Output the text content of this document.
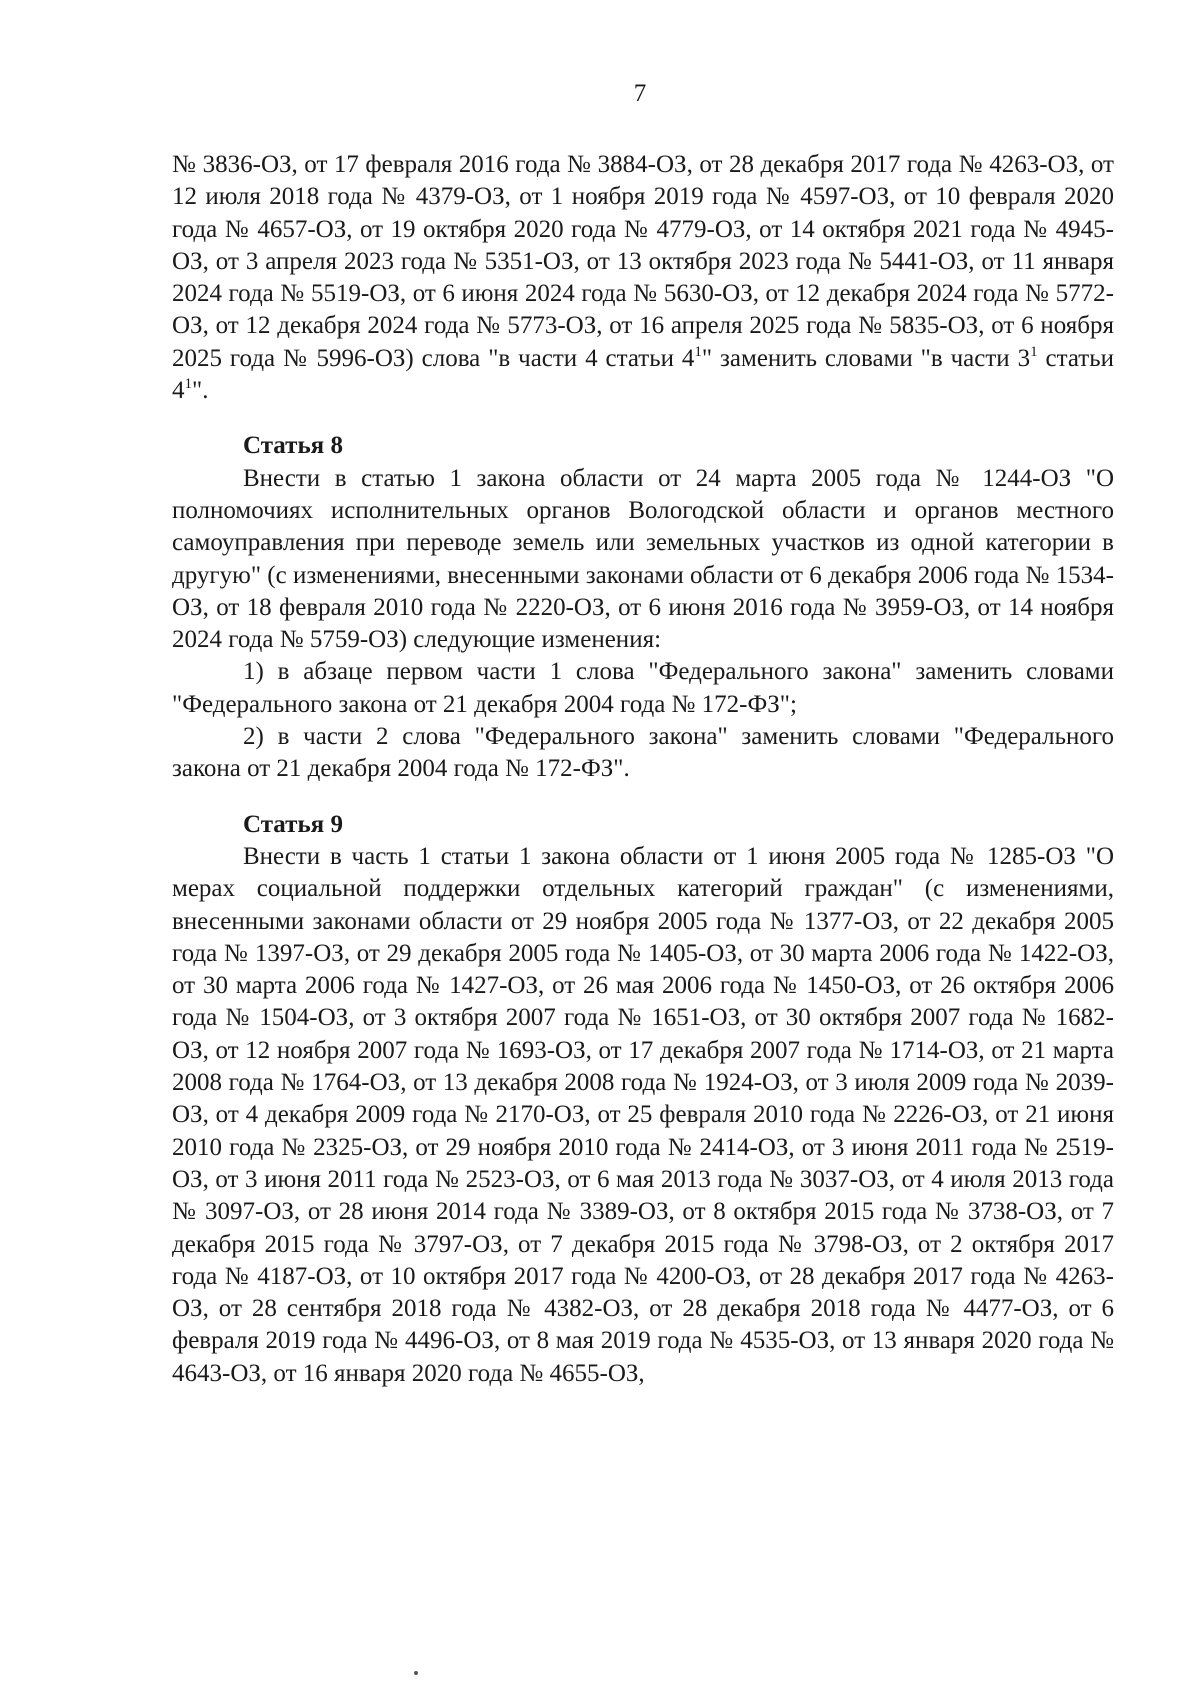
7

№ 3836-ОЗ, от 17 февраля 2016 года № 3884-ОЗ, от 28 декабря 2017 года № 4263-ОЗ, от 12 июля 2018 года № 4379-ОЗ, от 1 ноября 2019 года № 4597-ОЗ, от 10 февраля 2020 года № 4657-ОЗ, от 19 октября 2020 года № 4779-ОЗ, от 14 октября 2021 года № 4945-ОЗ, от 3 апреля 2023 года № 5351-ОЗ, от 13 октября 2023 года № 5441-ОЗ, от 11 января 2024 года № 5519-ОЗ, от 6 июня 2024 года № 5630-ОЗ, от 12 декабря 2024 года № 5772-ОЗ, от 12 декабря 2024 года № 5773-ОЗ, от 16 апреля 2025 года № 5835-ОЗ, от 6 ноября 2025 года № 5996-ОЗ) слова "в части 4 статьи $4^1$" заменить словами "в части $3^1$ статьи $4^1$".

Статья 8

Внести в статью 1 закона области от 24 марта 2005 года № 1244-ОЗ "О полномочиях исполнительных органов Вологодской области и органов местного самоуправления при переводе земель или земельных участков из одной категории в другую" (с изменениями, внесенными законами области от 6 декабря 2006 года № 1534-ОЗ, от 18 февраля 2010 года № 2220-ОЗ, от 6 июня 2016 года № 3959-ОЗ, от 14 ноября 2024 года № 5759-ОЗ) следующие изменения:

1) в абзаце первом части 1 слова "Федерального закона" заменить словами "Федерального закона от 21 декабря 2004 года № 172-ФЗ";

2) в части 2 слова "Федерального закона" заменить словами "Федерального закона от 21 декабря 2004 года № 172-ФЗ".

Статья 9

Внести в часть 1 статьи 1 закона области от 1 июня 2005 года № 1285-ОЗ "О мерах социальной поддержки отдельных категорий граждан" (с изменениями, внесенными законами области от 29 ноября 2005 года № 1377-ОЗ, от 22 декабря 2005 года № 1397-ОЗ, от 29 декабря 2005 года № 1405-ОЗ, от 30 марта 2006 года № 1422-ОЗ, от 30 марта 2006 года № 1427-ОЗ, от 26 мая 2006 года № 1450-ОЗ, от 26 октября 2006 года № 1504-ОЗ, от 3 октября 2007 года № 1651-ОЗ, от 30 октября 2007 года № 1682-ОЗ, от 12 ноября 2007 года № 1693-ОЗ, от 17 декабря 2007 года № 1714-ОЗ, от 21 марта 2008 года № 1764-ОЗ, от 13 декабря 2008 года № 1924-ОЗ, от 3 июля 2009 года № 2039-ОЗ, от 4 декабря 2009 года № 2170-ОЗ, от 25 февраля 2010 года № 2226-ОЗ, от 21 июня 2010 года № 2325-ОЗ, от 29 ноября 2010 года № 2414-ОЗ, от 3 июня 2011 года № 2519-ОЗ, от 3 июня 2011 года № 2523-ОЗ, от 6 мая 2013 года № 3037-ОЗ, от 4 июля 2013 года № 3097-ОЗ, от 28 июня 2014 года № 3389-ОЗ, от 8 октября 2015 года № 3738-ОЗ, от 7 декабря 2015 года № 3797-ОЗ, от 7 декабря 2015 года № 3798-ОЗ, от 2 октября 2017 года № 4187-ОЗ, от 10 октября 2017 года № 4200-ОЗ, от 28 декабря 2017 года № 4263-ОЗ, от 28 сентября 2018 года № 4382-ОЗ, от 28 декабря 2018 года № 4477-ОЗ, от 6 февраля 2019 года № 4496-ОЗ, от 8 мая 2019 года № 4535-ОЗ, от 13 января 2020 года № 4643-ОЗ, от 16 января 2020 года № 4655-ОЗ,
